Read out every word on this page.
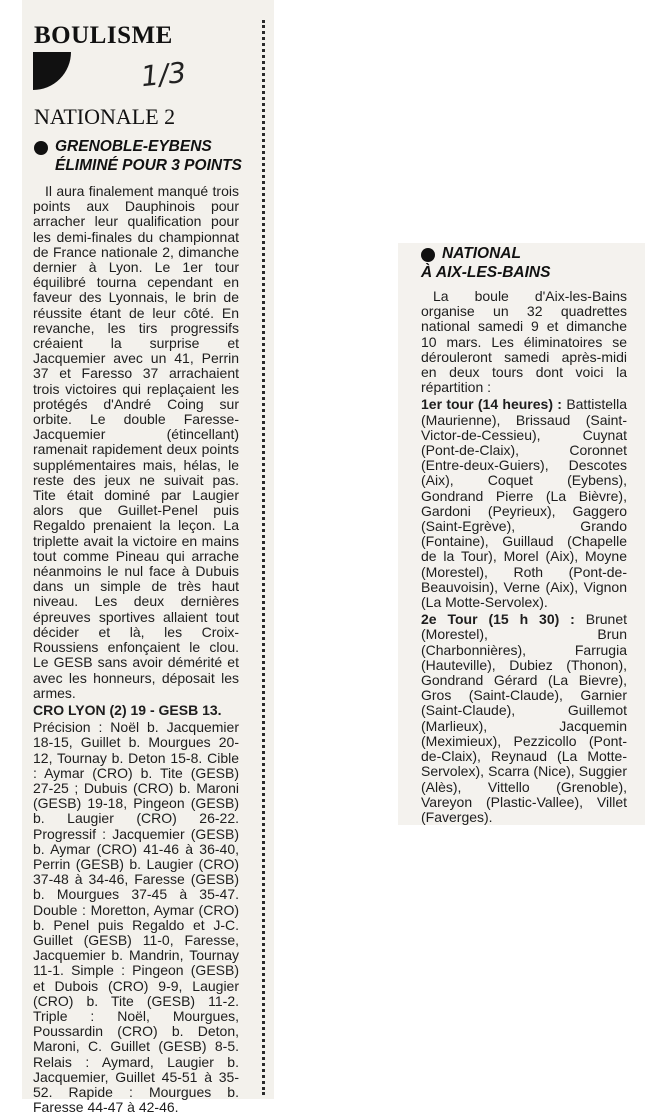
BOULISME
1/3
NATIONALE 2
GRENOBLE-EYBENS
ÉLIMINÉ POUR 3 POINTS

Il aura finalement manqué trois points aux Dauphinois pour arracher leur qualification pour les demi-finales du championnat de France nationale 2, dimanche dernier à Lyon. Le 1er tour équilibré tourna cependant en faveur des Lyonnais, le brin de réussite étant de leur côté. En revanche, les tirs progressifs créaient la surprise et Jacquemier avec un 41, Perrin 37 et Faresso 37 arrachaient trois victoires qui replaçaient les protégés d'André Coing sur orbite. Le double Faresse-Jacquemier (étincellant) ramenait rapidement deux points supplémentaires mais, hélas, le reste des jeux ne suivait pas. Tite était dominé par Laugier alors que Guillet-Penel puis Regaldo prenaient la leçon. La triplette avait la victoire en mains tout comme Pineau qui arrache néanmoins le nul face à Dubuis dans un simple de très haut niveau. Les deux dernières épreuves sportives allaient tout décider et là, les Croix-Roussiens enfonçaient le clou. Le GESB sans avoir démérité et avec les honneurs, déposait les armes.

CRO LYON (2) 19 - GESB 13.

Précision : Noël b. Jacquemier 18-15, Guillet b. Mourgues 20-12, Tournay b. Deton 15-8. Cible : Aymar (CRO) b. Tite (GESB) 27-25 ; Dubuis (CRO) b. Maroni (GESB) 19-18, Pingeon (GESB) b. Laugier (CRO) 26-22. Progressif : Jacquemier (GESB) b. Aymar (CRO) 41-46 à 36-40, Perrin (GESB) b. Laugier (CRO) 37-48 à 34-46, Faresse (GESB) b. Mourgues 37-45 à 35-47. Double : Moretton, Aymar (CRO) b. Penel puis Regaldo et J-C. Guillet (GESB) 11-0, Faresse, Jacquemier b. Mandrin, Tournay 11-1. Simple : Pingeon (GESB) et Dubois (CRO) 9-9, Laugier (CRO) b. Tite (GESB) 11-2. Triple : Noël, Mourgues, Poussardin (CRO) b. Deton, Maroni, C. Guillet (GESB) 8-5. Relais : Aymard, Laugier b. Jacquemier, Guillet 45-51 à 35-52. Rapide : Mourgues b. Faresse 44-47 à 42-46.

NATIONAL
À AIX-LES-BAINS

La boule d'Aix-les-Bains organise un 32 quadrettes national samedi 9 et dimanche 10 mars. Les éliminatoires se dérouleront samedi après-midi en deux tours dont voici la répartition :

1er tour (14 heures) : Battistella (Maurienne), Brissaud (Saint-Victor-de-Cessieu), Cuynat (Pont-de-Claix), Coronnet (Entre-deux-Guiers), Descotes (Aix), Coquet (Eybens), Gondrand Pierre (La Bièvre), Gardoni (Peyrieux), Gaggero (Saint-Egrève), Grando (Fontaine), Guillaud (Chapelle de la Tour), Morel (Aix), Moyne (Morestel), Roth (Pont-de-Beauvoisin), Verne (Aix), Vignon (La Motte-Servolex).

2e Tour (15 h 30) : Brunet (Morestel), Brun (Charbonnières), Farrugia (Hauteville), Dubiez (Thonon), Gondrand Gérard (La Bievre), Gros (Saint-Claude), Garnier (Saint-Claude), Guillemot (Marlieux), Jacquemin (Meximieux), Pezzicollo (Pont-de-Claix), Reynaud (La Motte-Servolex), Scarra (Nice), Suggier (Alès), Vittello (Grenoble), Vareyon (Plastic-Vallee), Villet (Faverges).
